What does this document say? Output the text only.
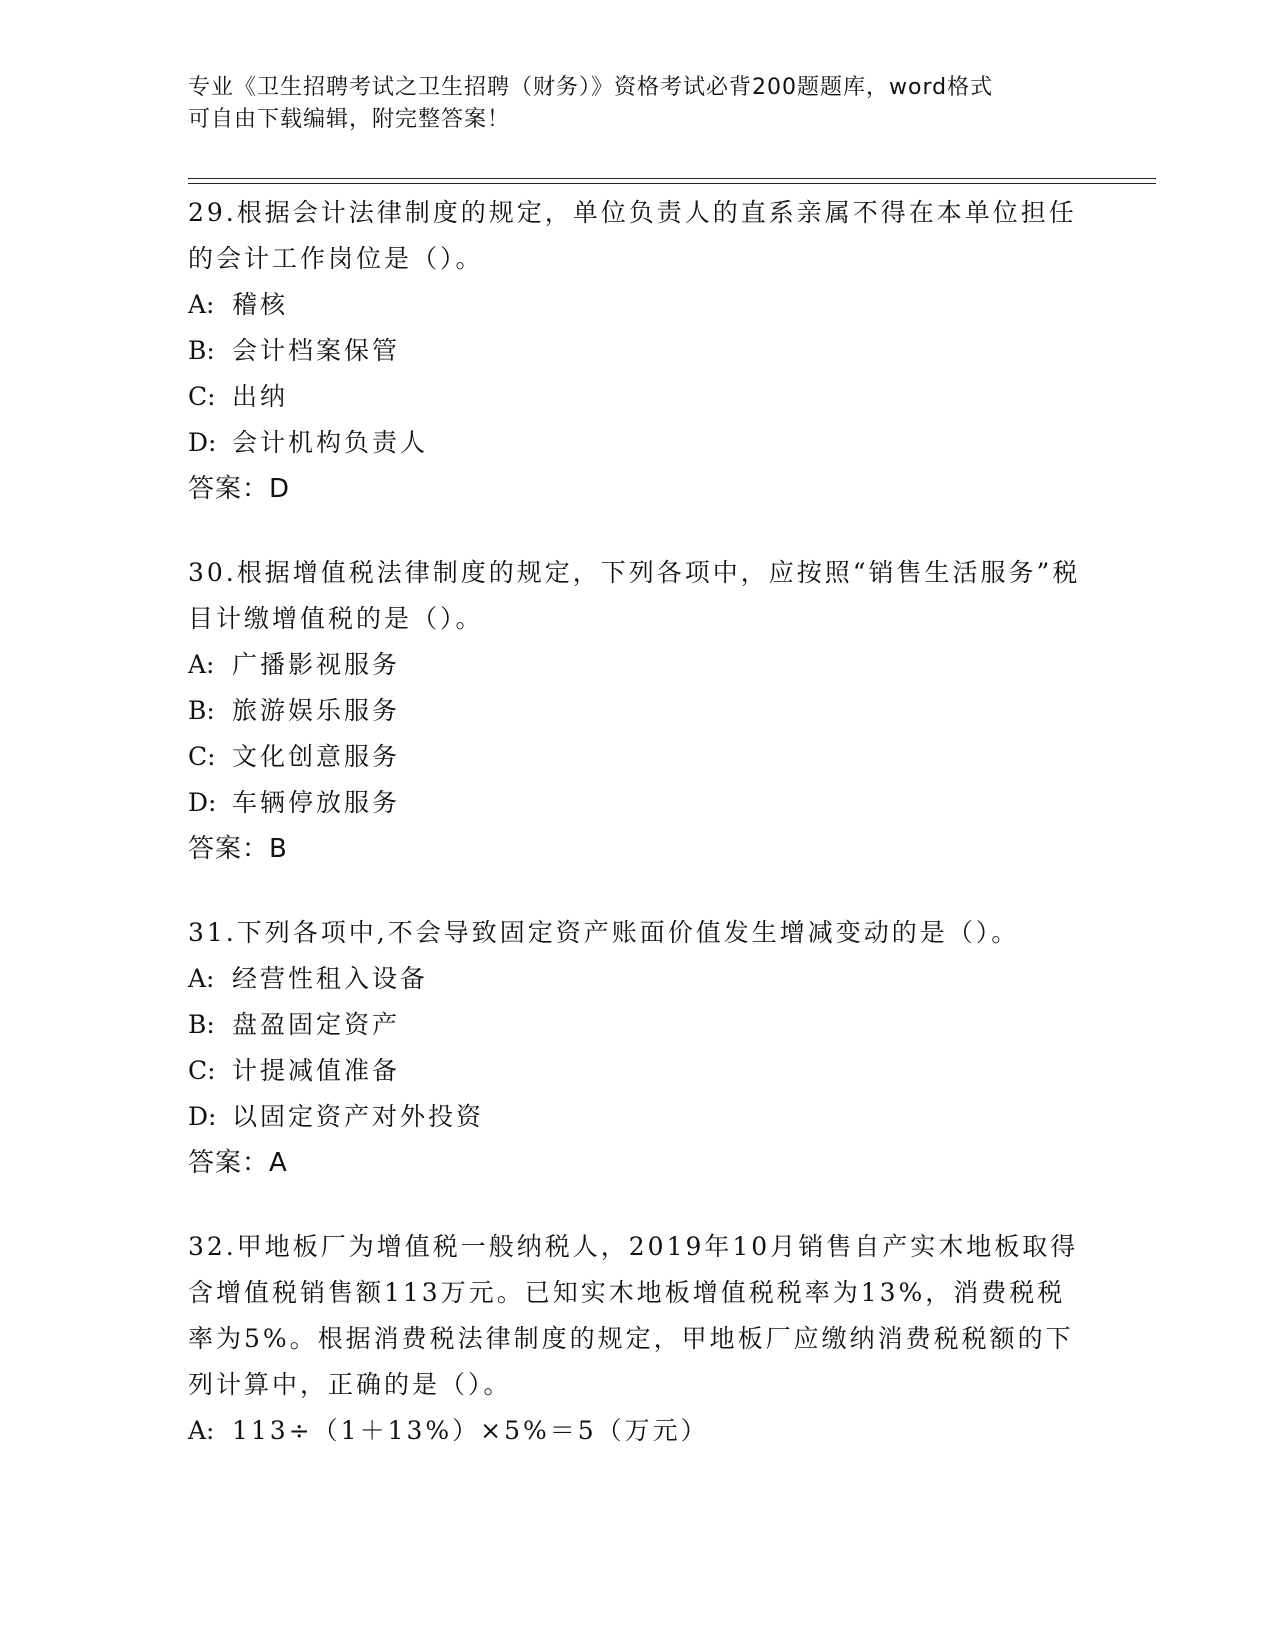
专业《卫生招聘考试之卫生招聘（财务）》资格考试必背200题题库，word格式

可自由下载编辑，附完整答案！

29.根据会计法律制度的规定，单位负责人的直系亲属不得在本单位担任的会计工作岗位是（）。

A: 稽核

B: 会计档案保管

C: 出纳

D: 会计机构负责人

答案：D

30.根据增值税法律制度的规定，下列各项中，应按照“销售生活服务”税目计缴增值税的是（）。

A: 广播影视服务

B: 旅游娱乐服务

C: 文化创意服务

D: 车辆停放服务

答案：B

31.下列各项中,不会导致固定资产账面价值发生增减变动的是（）。

A: 经营性租入设备

B: 盘盈固定资产

C: 计提减值准备

D: 以固定资产对外投资

答案：A

32.甲地板厂为增值税一般纳税人，2019年10月销售自产实木地板取得含增值税销售额113万元。已知实木地板增值税税率为13%，消费税税率为5%。根据消费税法律制度的规定，甲地板厂应缴纳消费税税额的下列计算中，正确的是（）。

A: 113÷（1＋13%）×5%＝5（万元）
